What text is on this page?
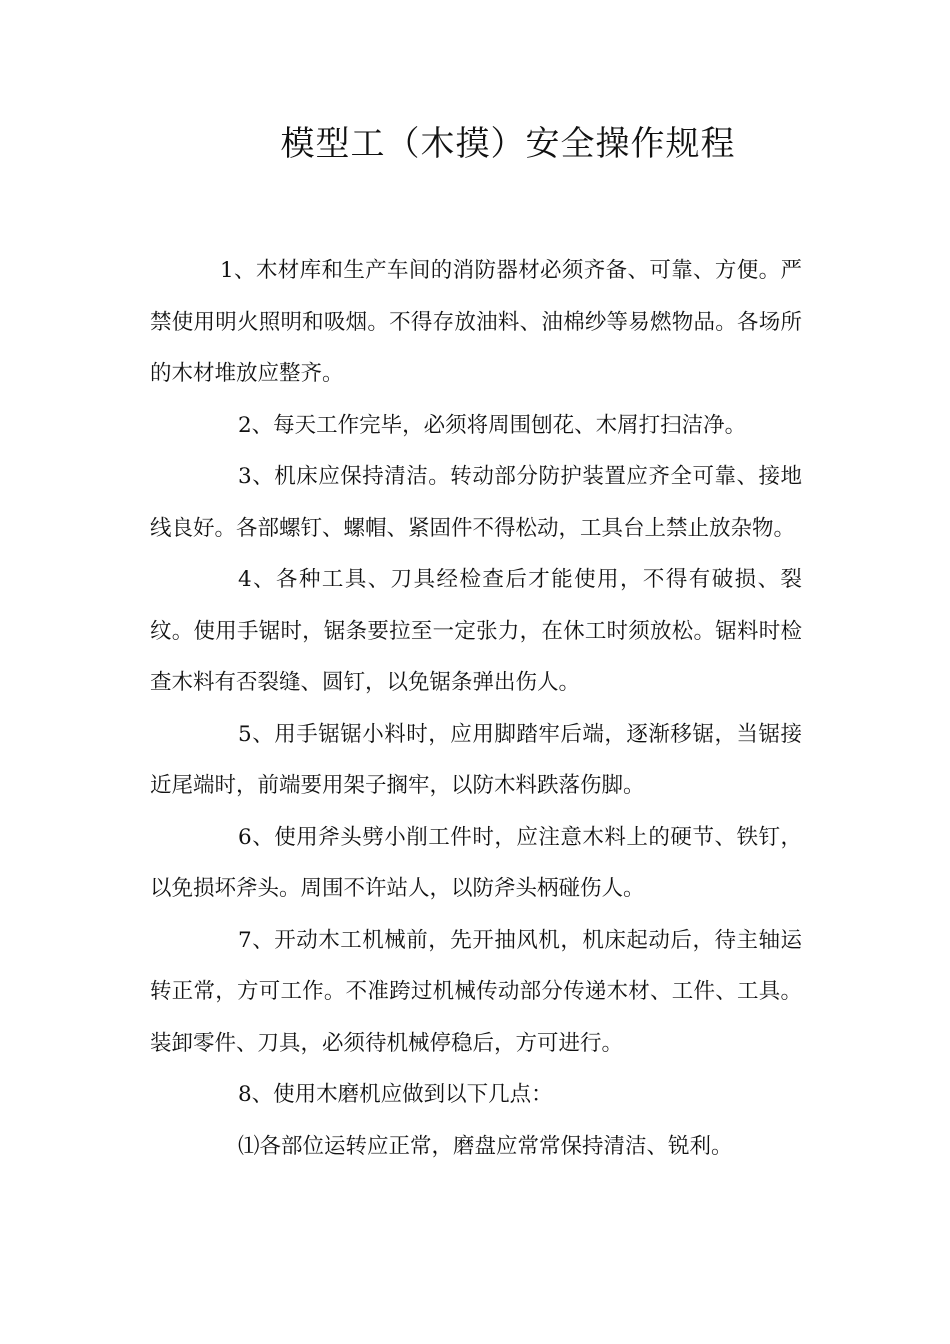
模型工（木摸）安全操作规程

1、木材库和生产车间的消防器材必须齐备、可靠、方便。严禁使用明火照明和吸烟。不得存放油料、油棉纱等易燃物品。各场所的木材堆放应整齐。

2、每天工作完毕，必须将周围刨花、木屑打扫洁净。

3、机床应保持清洁。转动部分防护装置应齐全可靠、接地线良好。各部螺钉、螺帽、紧固件不得松动，工具台上禁止放杂物。

4、各种工具、刀具经检查后才能使用，不得有破损、裂纹。使用手锯时，锯条要拉至一定张力，在休工时须放松。锯料时检查木料有否裂缝、圆钉，以免锯条弹出伤人。

5、用手锯锯小料时，应用脚踏牢后端，逐渐移锯，当锯接近尾端时，前端要用架子搁牢，以防木料跌落伤脚。

6、使用斧头劈小削工件时，应注意木料上的硬节、铁钉，以免损坏斧头。周围不许站人，以防斧头柄碰伤人。

7、开动木工机械前，先开抽风机，机床起动后，待主轴运转正常，方可工作。不准跨过机械传动部分传递木材、工件、工具。装卸零件、刀具，必须待机械停稳后，方可进行。

8、使用木磨机应做到以下几点：

⑴各部位运转应正常，磨盘应常常保持清洁、锐利。
